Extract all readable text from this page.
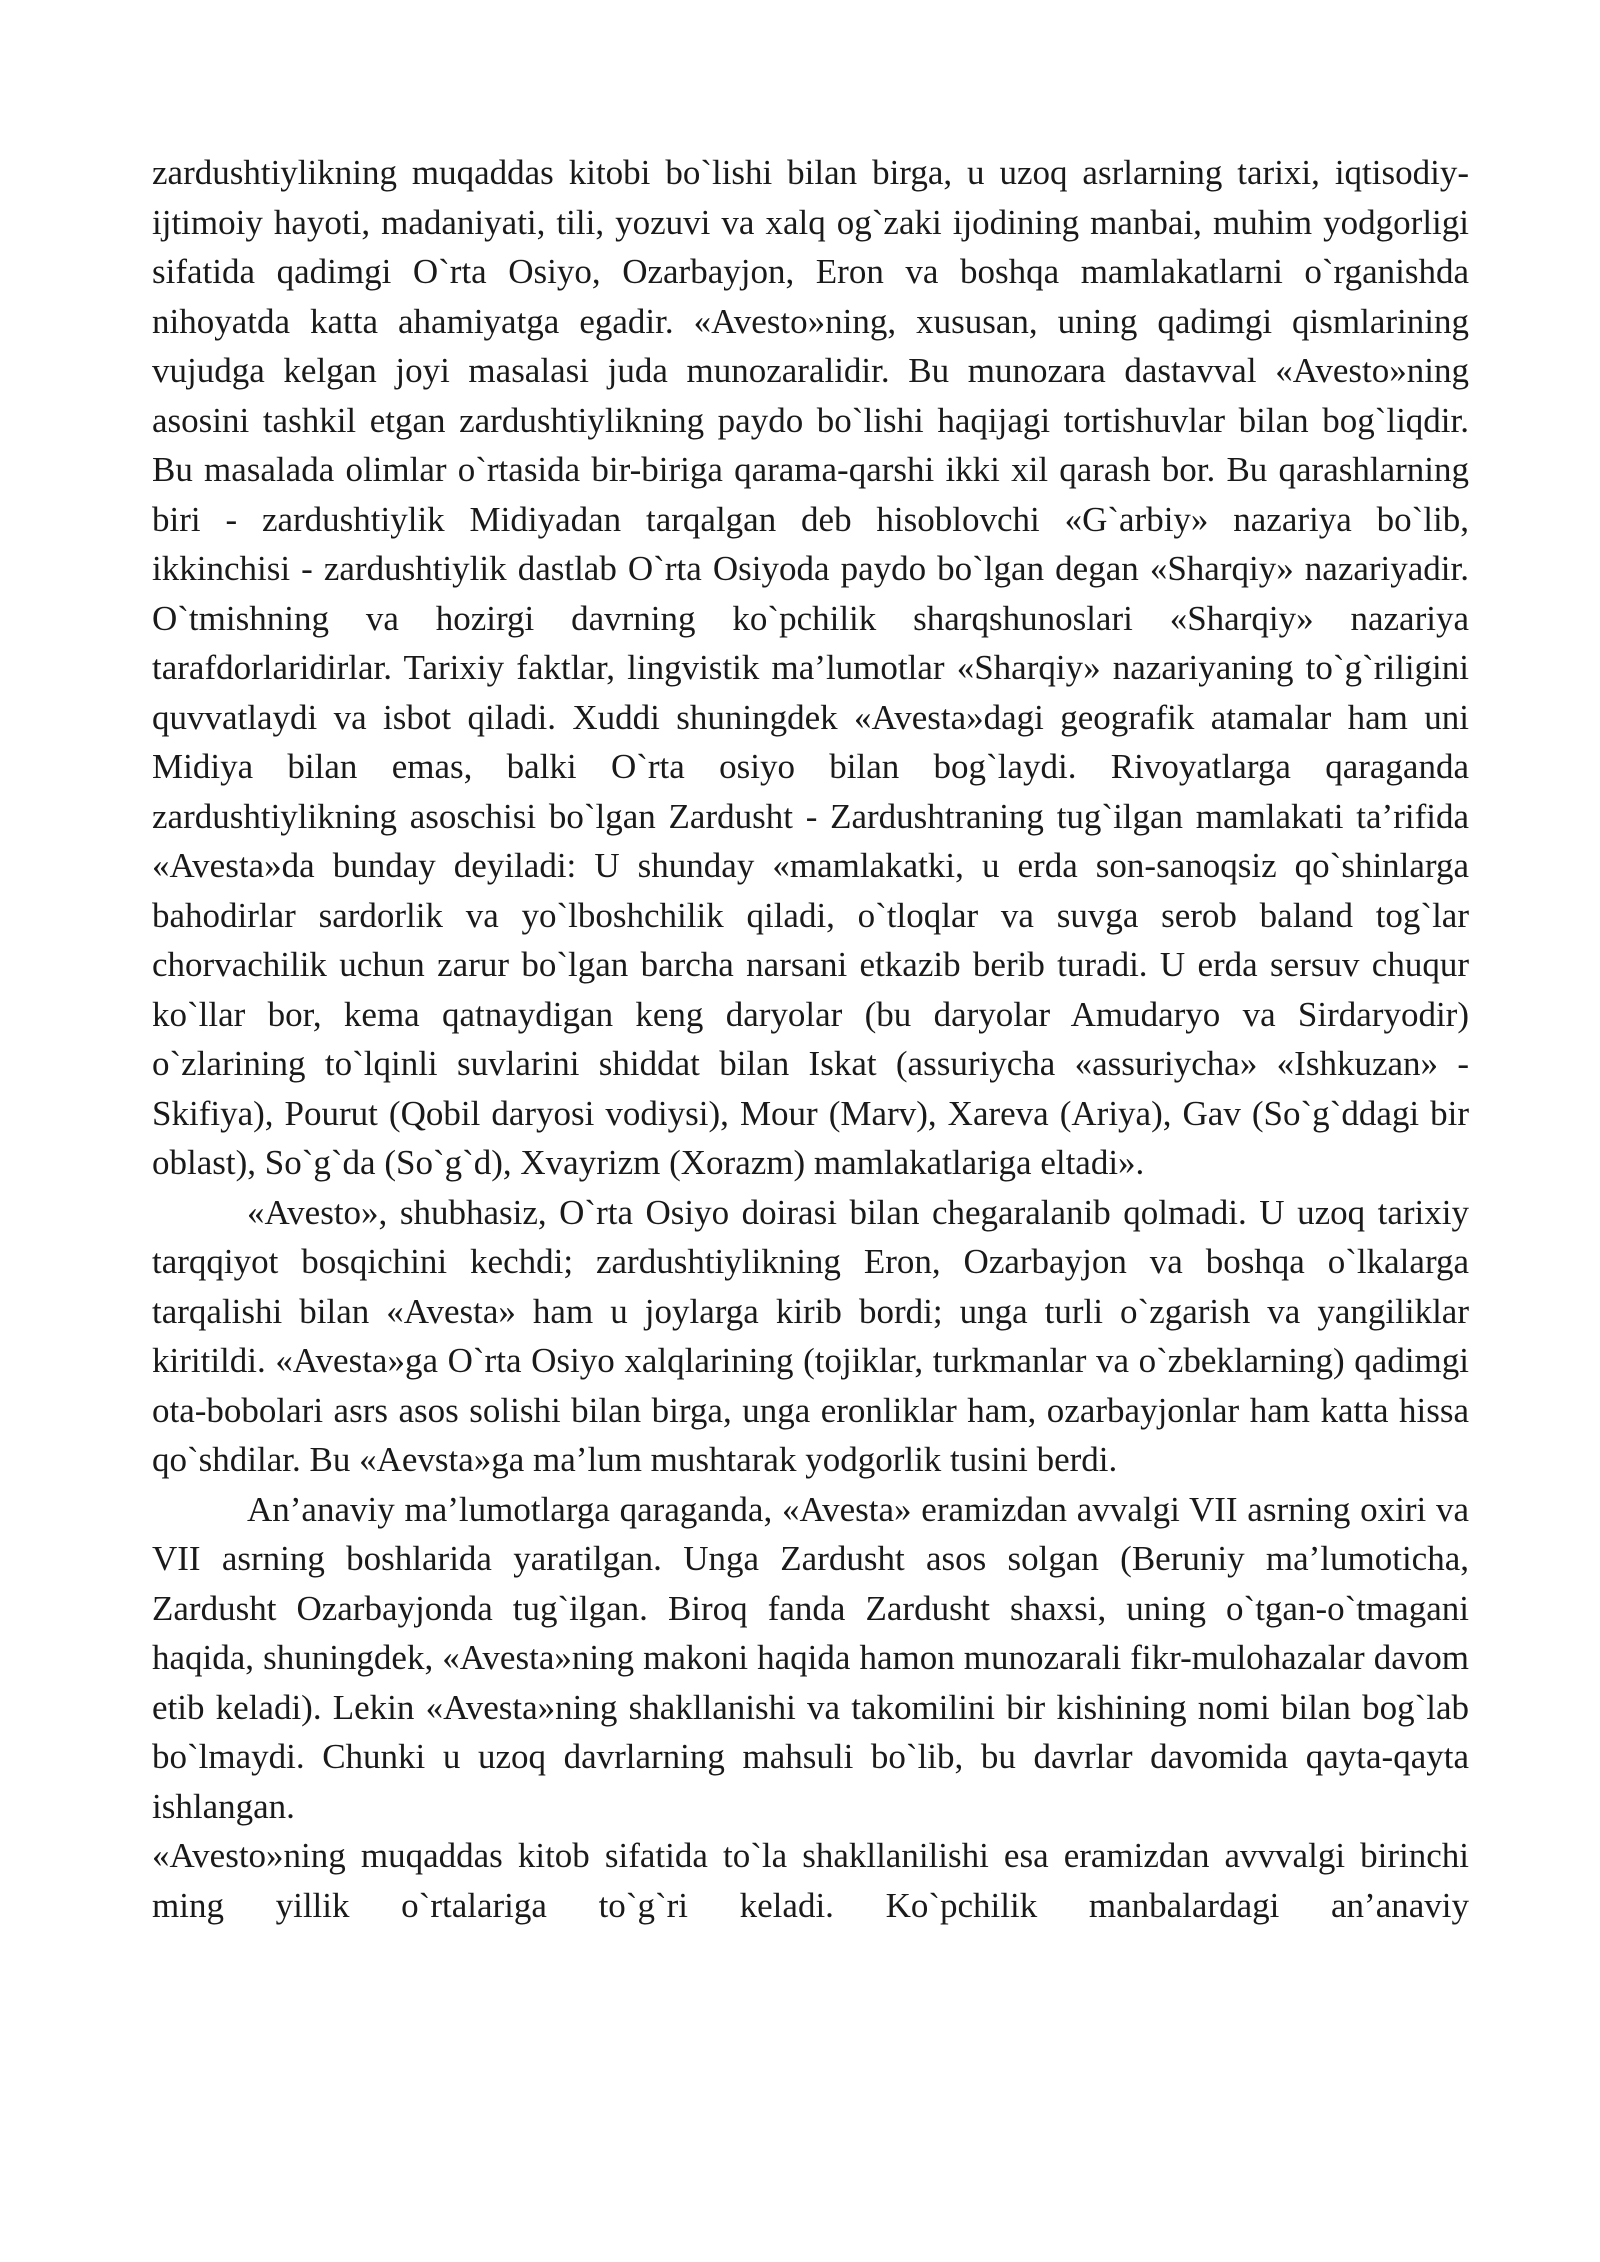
zardushtiylikning muqaddas kitobi bo`lishi bilan birga, u uzoq asrlarning tarixi, iqtisodiy-ijtimoiy hayoti, madaniyati, tili, yozuvi va xalq og`zaki ijodining manbai, muhim yodgorligi sifatida qadimgi O`rta Osiyo, Ozarbayjon, Eron va boshqa mamlakatlarni o`rganishda nihoyatda katta ahamiyatga egadir. «Avesto»ning, xususan, uning qadimgi qismlarining vujudga kelgan joyi masalasi juda munozaralidir. Bu munozara dastavval «Avesto»ning asosini tashkil etgan zardushtiylikning paydo bo`lishi haqijagi tortishuvlar bilan bog`liqdir. Bu masalada olimlar o`rtasida bir-biriga qarama-qarshi ikki xil qarash bor. Bu qarashlarning biri - zardushtiylik Midiyadan tarqalgan deb hisoblovchi «G`arbiy» nazariya bo`lib, ikkinchisi - zardushtiylik dastlab O`rta Osiyoda paydo bo`lgan degan «Sharqiy» nazariyadir. O`tmishning va hozirgi davrning ko`pchilik sharqshunoslari «Sharqiy» nazariya tarafdorlaridirlar. Tarixiy faktlar, lingvistik ma’lumotlar «Sharqiy» nazariyaning to`g`riligini quvvatlaydi va isbot qiladi. Xuddi shuningdek «Avesta»dagi geografik atamalar ham uni Midiya bilan emas, balki O`rta osiyo bilan bog`laydi. Rivoyatlarga qaraganda zardushtiylikning asoschisi bo`lgan Zardusht - Zardushtraning tug`ilgan mamlakati ta’rifida «Avesta»da bunday deyiladi: U shunday «mamlakatki, u erda son-sanoqsiz qo`shinlarga bahodirlar sardorlik va yo`lboshchilik qiladi, o`tloqlar va suvga serob baland tog`lar chorvachilik uchun zarur bo`lgan barcha narsani etkazib berib turadi. U erda sersuv chuqur ko`llar bor, kema qatnaydigan keng daryolar (bu daryolar Amudaryo va Sirdaryodir) o`zlarining to`lqinli suvlarini shiddat bilan Iskat (assuriycha «assuriycha» «Ishkuzan» - Skifiya), Pourut (Qobil daryosi vodiysi), Mour (Marv), Xareva (Ariya), Gav (So`g`ddagi bir oblast), So`g`da (So`g`d), Xvayrizm (Xorazm) mamlakatlariga eltadi».

«Avesto», shubhasiz, O`rta Osiyo doirasi bilan chegaralanib qolmadi. U uzoq tarixiy tarqqiyot bosqichini kechdi; zardushtiylikning Eron, Ozarbayjon va boshqa o`lkalarga tarqalishi bilan «Avesta» ham u joylarga kirib bordi; unga turli o`zgarish va yangiliklar kiritildi. «Avesta»ga O`rta Osiyo xalqlarining (tojiklar, turkmanlar va o`zbeklarning) qadimgi ota-bobolari asrs asos solishi bilan birga, unga eronliklar ham, ozarbayjonlar ham katta hissa qo`shdilar. Bu «Aevsta»ga ma’lum mushtarak yodgorlik tusini berdi.

An’anaviy ma’lumotlarga qaraganda, «Avesta» eramizdan avvalgi VII asrning oxiri va VII asrning boshlarida yaratilgan. Unga Zardusht asos solgan (Beruniy ma’lumoticha, Zardusht Ozarbayjonda tug`ilgan. Biroq fanda Zardusht shaxsi, uning o`tgan-o`tmagani haqida, shuningdek, «Avesta»ning makoni haqida hamon munozarali fikr-mulohazalar davom etib keladi). Lekin «Avesta»ning shakllanishi va takomilini bir kishining nomi bilan bog`lab bo`lmaydi. Chunki u uzoq davrlarning mahsuli bo`lib, bu davrlar davomida qayta-qayta ishlangan.

«Avesto»ning muqaddas kitob sifatida to`la shakllanilishi esa eramizdan avvvalgi birinchi ming yillik o`rtalariga to`g`ri keladi. Ko`pchilik manbalardagi an’anaviy
